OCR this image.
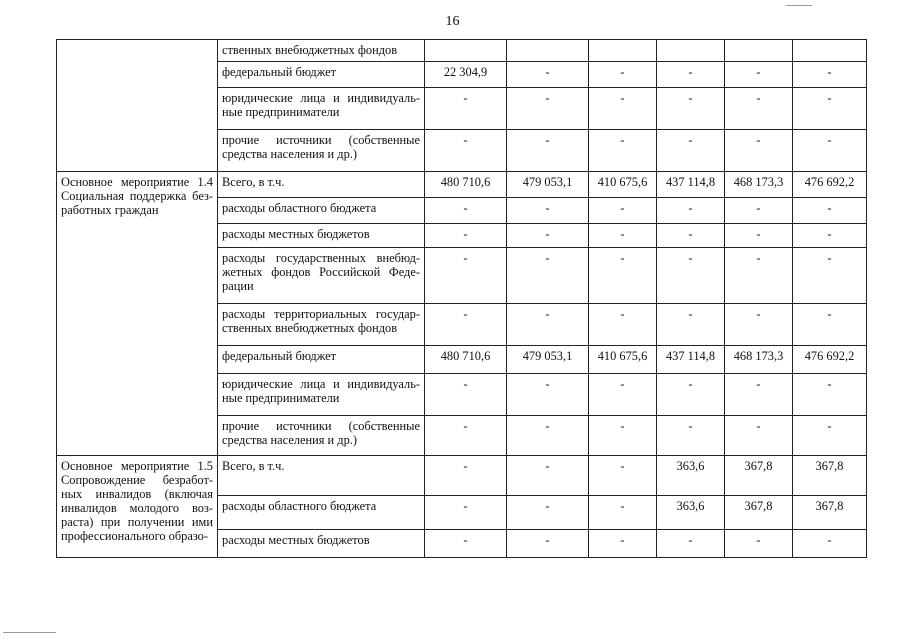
16
	ственных внебюджетных фондов						
	федеральный бюджет	22 304,9	-	-	-	-	-
	юридические лица и индивидуаль-ные предприниматели	-	-	-	-	-	-
	прочие источники (собственные средства населения и др.)	-	-	-	-	-	-
Основное мероприятие 1.4 Социальная поддержка без-работных граждан	Всего, в т.ч.	480 710,6	479 053,1	410 675,6	437 114,8	468 173,3	476 692,2
	расходы областного бюджета	-	-	-	-	-	-
	расходы местных бюджетов	-	-	-	-	-	-
	расходы государственных внебюд-жетных фондов Российской Феде-рации	-	-	-	-	-	-
	расходы территориальных государ-ственных внебюджетных фондов	-	-	-	-	-	-
	федеральный бюджет	480 710,6	479 053,1	410 675,6	437 114,8	468 173,3	476 692,2
	юридические лица и индивидуаль-ные предприниматели	-	-	-	-	-	-
	прочие источники (собственные средства населения и др.)	-	-	-	-	-	-
Основное мероприятие 1.5 Сопровождение безработ-ных инвалидов (включая инвалидов молодого воз-раста) при получении ими профессионального образо-	Всего, в т.ч.	-	-	-	363,6	367,8	367,8
	расходы областного бюджета	-	-	-	363,6	367,8	367,8
	расходы местных бюджетов	-	-	-	-	-	-
